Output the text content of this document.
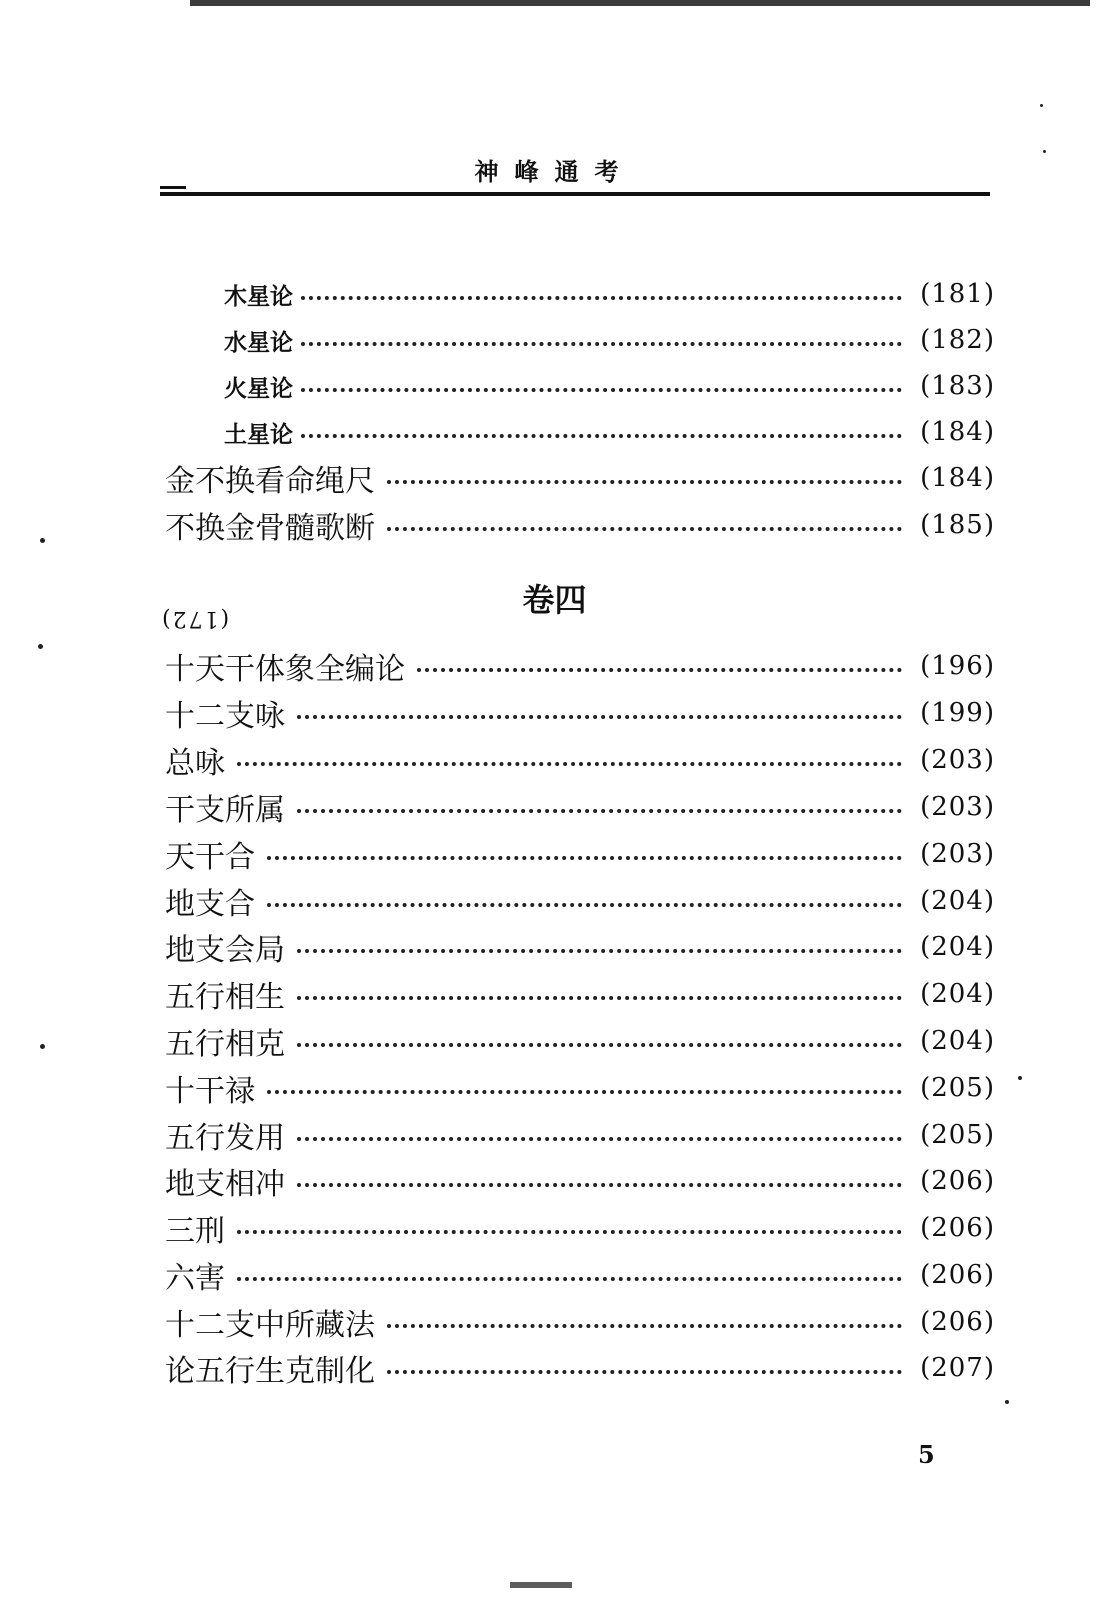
神峰通考
木星论	(181)
水星论	(182)
火星论	(183)
土星论	(184)
金不换看命绳尺	(184)
不换金骨髓歌断	(185)
卷四
(172)
十天干体象全编论	(196)
十二支咏	(199)
总咏	(203)
干支所属	(203)
天干合	(203)
地支合	(204)
地支会局	(204)
五行相生	(204)
五行相克	(204)
十干禄	(205)
五行发用	(205)
地支相冲	(206)
三刑	(206)
六害	(206)
十二支中所藏法	(206)
论五行生克制化	(207)
5
